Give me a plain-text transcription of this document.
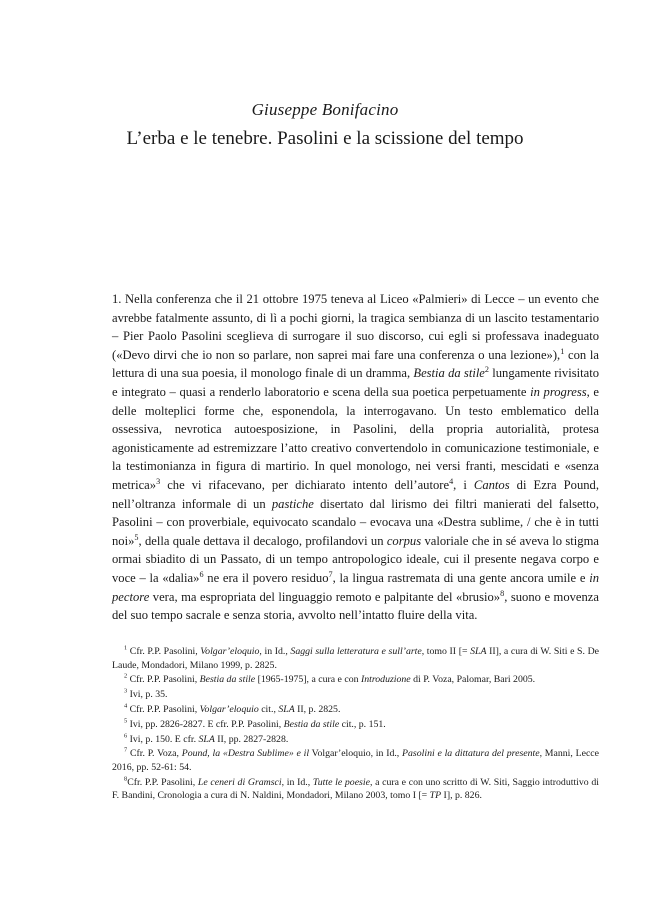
Giuseppe Bonifacino
L’erba e le tenebre. Pasolini e la scissione del tempo

1. Nella conferenza che il 21 ottobre 1975 teneva al Liceo «Palmieri» di Lecce – un evento che avrebbe fatalmente assunto, di lì a pochi giorni, la tragica sembianza di un lascito testamentario – Pier Paolo Pasolini sceglieva di surrogare il suo discorso, cui egli si professava inadeguato («Devo dirvi che io non so parlare, non saprei mai fare una conferenza o una lezione»),$^1$ con la lettura di una sua poesia, il monologo finale di un dramma, Bestia da stile$^2$ lungamente rivisitato e integrato – quasi a renderlo laboratorio e scena della sua poetica perpetuamente in progress, e delle molteplici forme che, esponendola, la interrogavano. Un testo emblematico della ossessiva, nevrotica autoesposizione, in Pasolini, della propria autorialità, protesa agonisticamente ad estremizzare l’atto creativo convertendolo in comunicazione testimoniale, e la testimonianza in figura di martirio. In quel monologo, nei versi franti, mescidati e «senza metrica»$^3$ che vi rifacevano, per dichiarato intento dell’autore$^4$, i Cantos di Ezra Pound, nell’oltranza informale di un pastiche disertato dal lirismo dei filtri manierati del falsetto, Pasolini – con proverbiale, equivocato scandalo – evocava una «Destra sublime, / che è in tutti noi»$^5$, della quale dettava il decalogo, profilandovi un corpus valoriale che in sé aveva lo stigma ormai sbiadito di un Passato, di un tempo antropologico ideale, cui il presente negava corpo e voce – la «dalia»$^6$ ne era il povero residuo$^7$, la lingua rastremata di una gente ancora umile e in pectore vera, ma espropriata del linguaggio remoto e palpitante del «brusio»$^8$, suono e movenza del suo tempo sacrale e senza storia, avvolto nell’intatto fluire della vita.

$^1$ Cfr. P.P. Pasolini, Volgar’eloquio, in Id., Saggi sulla letteratura e sull’arte, tomo II [= SLA II], a cura di W. Siti e S. De Laude, Mondadori, Milano 1999, p. 2825.
$^2$ Cfr. P.P. Pasolini, Bestia da stile [1965-1975], a cura e con Introduzione di P. Voza, Palomar, Bari 2005.
$^3$ Ivi, p. 35.
$^4$ Cfr. P.P. Pasolini, Volgar’eloquio cit., SLA II, p. 2825.
$^5$ Ivi, pp. 2826-2827. E cfr. P.P. Pasolini, Bestia da stile cit., p. 151.
$^6$ Ivi, p. 150. E cfr. SLA II, pp. 2827-2828.
$^7$ Cfr. P. Voza, Pound, la «Destra Sublime» e il Volgar’eloquio, in Id., Pasolini e la dittatura del presente, Manni, Lecce 2016, pp. 52-61: 54.
$^8$Cfr. P.P. Pasolini, Le ceneri di Gramsci, in Id., Tutte le poesie, a cura e con uno scritto di W. Siti, Saggio introduttivo di F. Bandini, Cronologia a cura di N. Naldini, Mondadori, Milano 2003, tomo I [= TP I], p. 826.
